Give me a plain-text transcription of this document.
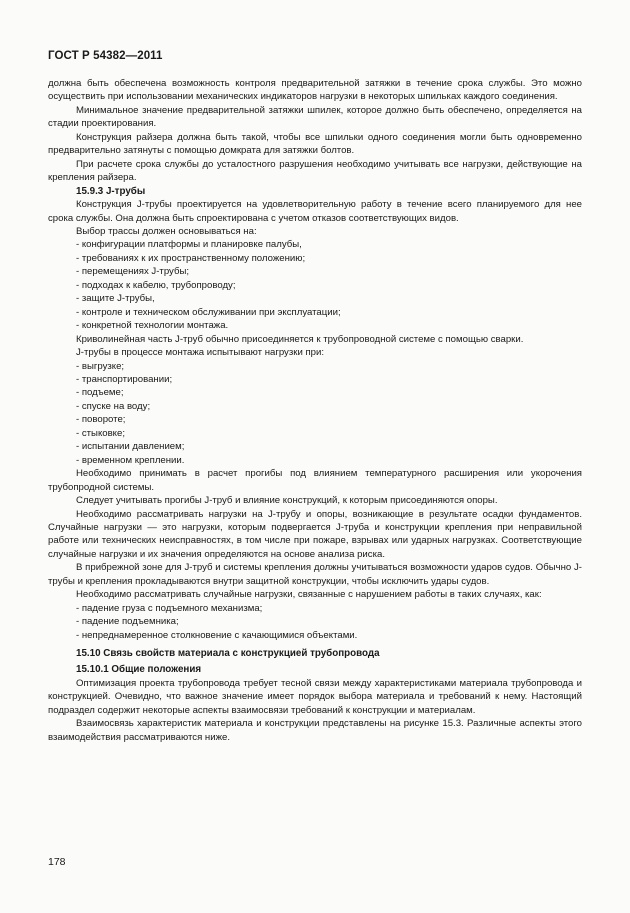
ГОСТ Р 54382—2011

должна быть обеспечена возможность контроля предварительной затяжки в течение срока службы. Это можно осуществить при использовании механических индикаторов нагрузки в некоторых шпильках каждого соединения.

Минимальное значение предварительной затяжки шпилек, которое должно быть обеспечено, определяется на стадии проектирования.

Конструкция райзера должна быть такой, чтобы все шпильки одного соединения могли быть одновременно предварительно затянуты с помощью домкрата для затяжки болтов.

При расчете срока службы до усталостного разрушения необходимо учитывать все нагрузки, действующие на крепления райзера.

15.9.3 J-трубы

Конструкция J-трубы проектируется на удовлетворительную работу в течение всего планируемого для нее срока службы. Она должна быть спроектирована с учетом отказов соответствующих видов.

Выбор трассы должен основываться на:

- конфигурации платформы и планировке палубы,

- требованиях к их пространственному положению;

- перемещениях J-трубы;

- подходах к кабелю, трубопроводу;

- защите J-трубы,

- контроле и техническом обслуживании при эксплуатации;

- конкретной технологии монтажа.

Криволинейная часть J-труб обычно присоединяется к трубопроводной системе с помощью сварки.

J-трубы в процессе монтажа испытывают нагрузки при:

- выгрузке;

- транспортировании;

- подъеме;

- спуске на воду;

- повороте;

- стыковке;

- испытании давлением;

- временном креплении.

Необходимо принимать в расчет прогибы под влиянием температурного расширения или укорочения трубопродной системы.

Следует учитывать прогибы J-труб и влияние конструкций, к которым присоединяются опоры.

Необходимо рассматривать нагрузки на J-трубу и опоры, возникающие в результате осадки фундаментов. Случайные нагрузки — это нагрузки, которым подвергается J-труба и конструкции крепления при неправильной работе или технических неисправностях, в том числе при пожаре, взрывах или ударных нагрузках. Соответствующие случайные нагрузки и их значения определяются на основе анализа риска.

В прибрежной зоне для J-труб и системы крепления должны учитываться возможности ударов судов. Обычно J-трубы и крепления прокладываются внутри защитной конструкции, чтобы исключить удары судов.

Необходимо рассматривать случайные нагрузки, связанные с нарушением работы в таких случаях, как:

- падение груза с подъемного механизма;

- падение подъемника;

- непреднамеренное столкновение с качающимися объектами.

15.10 Связь свойств материала с конструкцией трубопровода

15.10.1 Общие положения

Оптимизация проекта трубопровода требует тесной связи между характеристиками материала трубопровода и конструкцией. Очевидно, что важное значение имеет порядок выбора материала и требований к нему. Настоящий подраздел содержит некоторые аспекты взаимосвязи требований к конструкции и материалам.

Взаимосвязь характеристик материала и конструкции представлены на рисунке 15.3. Различные аспекты этого взаимодействия рассматриваются ниже.

178
